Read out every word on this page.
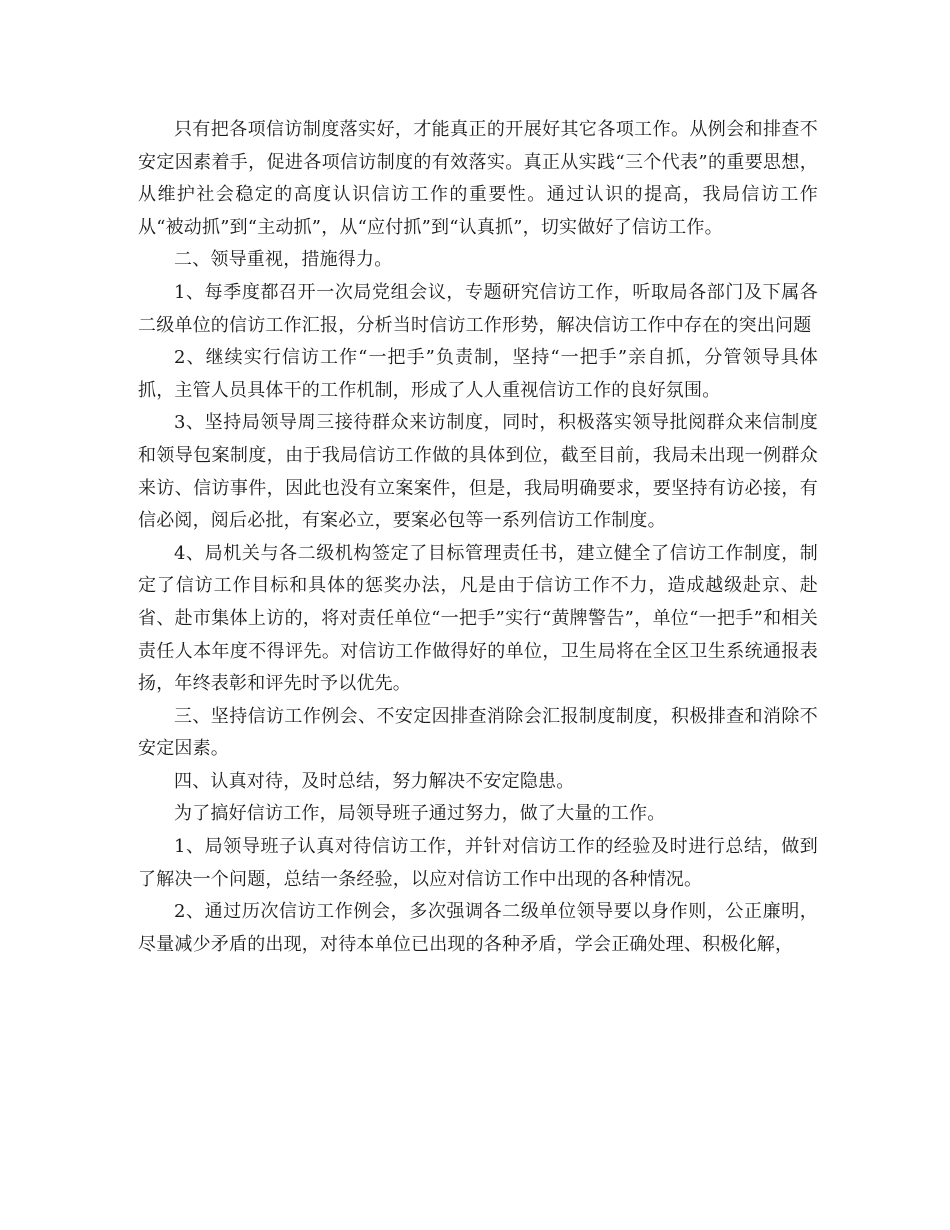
只有把各项信访制度落实好，才能真正的开展好其它各项工作。从例会和排查不安定因素着手，促进各项信访制度的有效落实。真正从实践“三个代表”的重要思想，从维护社会稳定的高度认识信访工作的重要性。通过认识的提高，我局信访工作从“被动抓”到“主动抓”，从“应付抓”到“认真抓”，切实做好了信访工作。

二、领导重视，措施得力。

1、每季度都召开一次局党组会议，专题研究信访工作，听取局各部门及下属各二级单位的信访工作汇报，分析当时信访工作形势，解决信访工作中存在的突出问题

2、继续实行信访工作“一把手”负责制，坚持“一把手”亲自抓，分管领导具体抓，主管人员具体干的工作机制，形成了人人重视信访工作的良好氛围。

3、坚持局领导周三接待群众来访制度，同时，积极落实领导批阅群众来信制度和领导包案制度，由于我局信访工作做的具体到位，截至目前，我局未出现一例群众来访、信访事件，因此也没有立案案件，但是，我局明确要求，要坚持有访必接，有信必阅，阅后必批，有案必立，要案必包等一系列信访工作制度。

4、局机关与各二级机构签定了目标管理责任书，建立健全了信访工作制度，制定了信访工作目标和具体的惩奖办法，凡是由于信访工作不力，造成越级赴京、赴省、赴市集体上访的，将对责任单位“一把手”实行“黄牌警告”，单位“一把手”和相关责任人本年度不得评先。对信访工作做得好的单位，卫生局将在全区卫生系统通报表扬，年终表彰和评先时予以优先。

三、坚持信访工作例会、不安定因排查消除会汇报制度制度，积极排查和消除不安定因素。

四、认真对待，及时总结，努力解决不安定隐患。

为了搞好信访工作，局领导班子通过努力，做了大量的工作。

1、局领导班子认真对待信访工作，并针对信访工作的经验及时进行总结，做到了解决一个问题，总结一条经验，以应对信访工作中出现的各种情况。

2、通过历次信访工作例会，多次强调各二级单位领导要以身作则，公正廉明，尽量减少矛盾的出现，对待本单位已出现的各种矛盾，学会正确处理、积极化解，
